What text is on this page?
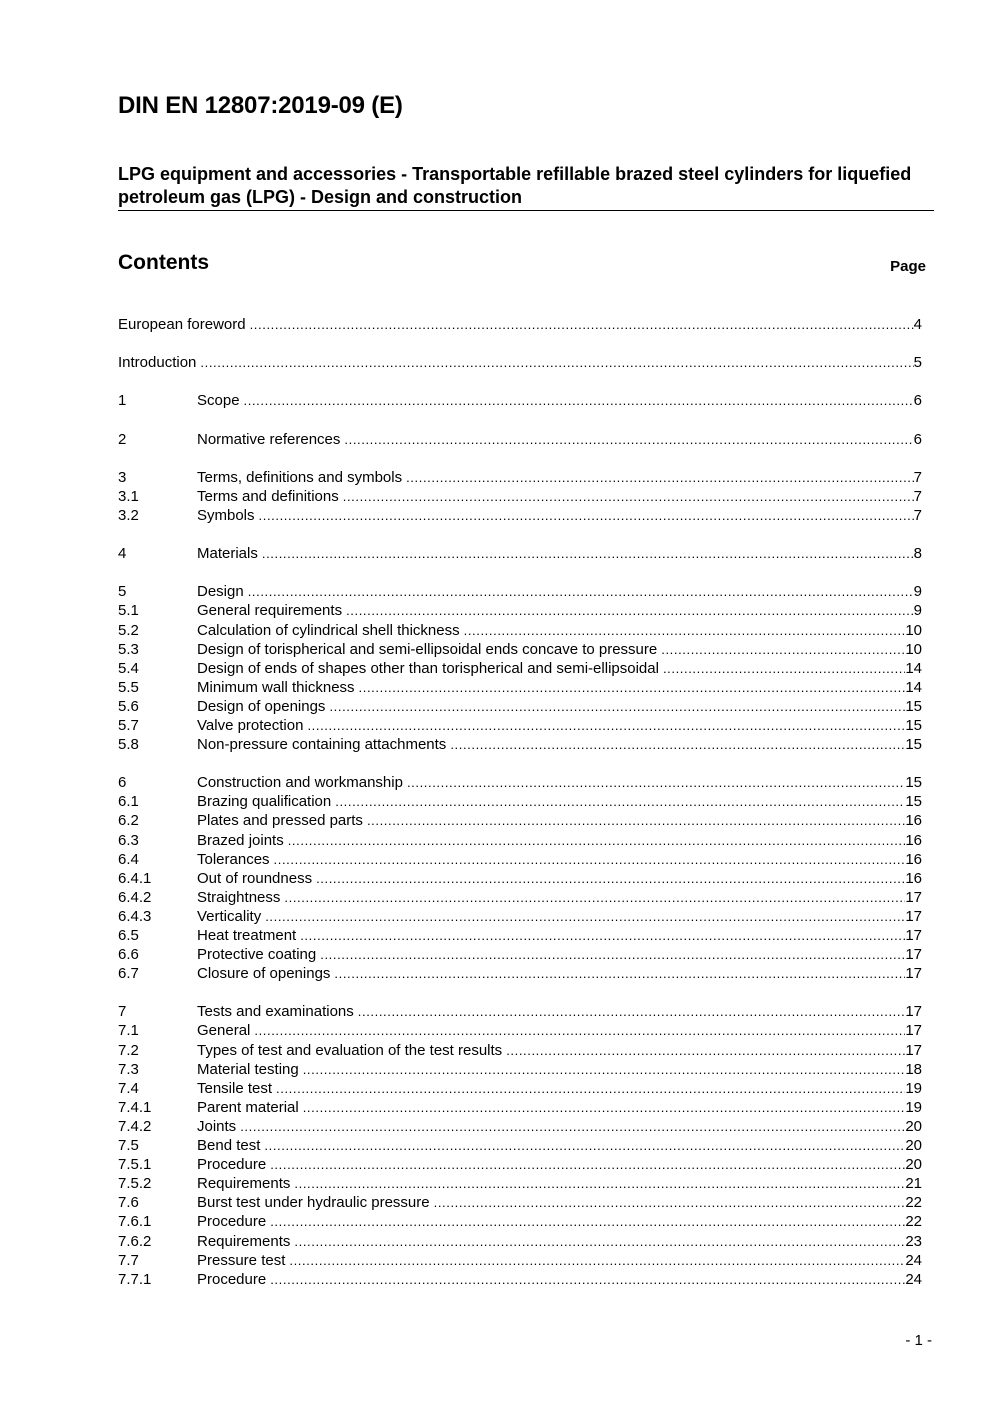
DIN EN 12807:2019-09 (E)
LPG equipment and accessories - Transportable refillable brazed steel cylinders for liquefied petroleum gas (LPG) - Design and construction
Contents	Page
European foreword .....	4
Introduction .....	5
1	Scope .....	6
2	Normative references .....	6
3	Terms, definitions and symbols .....	7
3.1	Terms and definitions .....	7
3.2	Symbols .....	7
4	Materials .....	8
5	Design .....	9
5.1	General requirements .....	9
5.2	Calculation of cylindrical shell thickness .....	10
5.3	Design of torispherical and semi-ellipsoidal ends concave to pressure .....	10
5.4	Design of ends of shapes other than torispherical and semi-ellipsoidal .....	14
5.5	Minimum wall thickness .....	14
5.6	Design of openings .....	15
5.7	Valve protection .....	15
5.8	Non-pressure containing attachments .....	15
6	Construction and workmanship .....	15
6.1	Brazing qualification .....	15
6.2	Plates and pressed parts .....	16
6.3	Brazed joints .....	16
6.4	Tolerances .....	16
6.4.1	Out of roundness .....	16
6.4.2	Straightness .....	17
6.4.3	Verticality .....	17
6.5	Heat treatment .....	17
6.6	Protective coating .....	17
6.7	Closure of openings .....	17
7	Tests and examinations .....	17
7.1	General .....	17
7.2	Types of test and evaluation of the test results .....	17
7.3	Material testing .....	18
7.4	Tensile test .....	19
7.4.1	Parent material .....	19
7.4.2	Joints .....	20
7.5	Bend test .....	20
7.5.1	Procedure .....	20
7.5.2	Requirements .....	21
7.6	Burst test under hydraulic pressure .....	22
7.6.1	Procedure .....	22
7.6.2	Requirements .....	23
7.7	Pressure test .....	24
7.7.1	Procedure .....	24
- 1 -
